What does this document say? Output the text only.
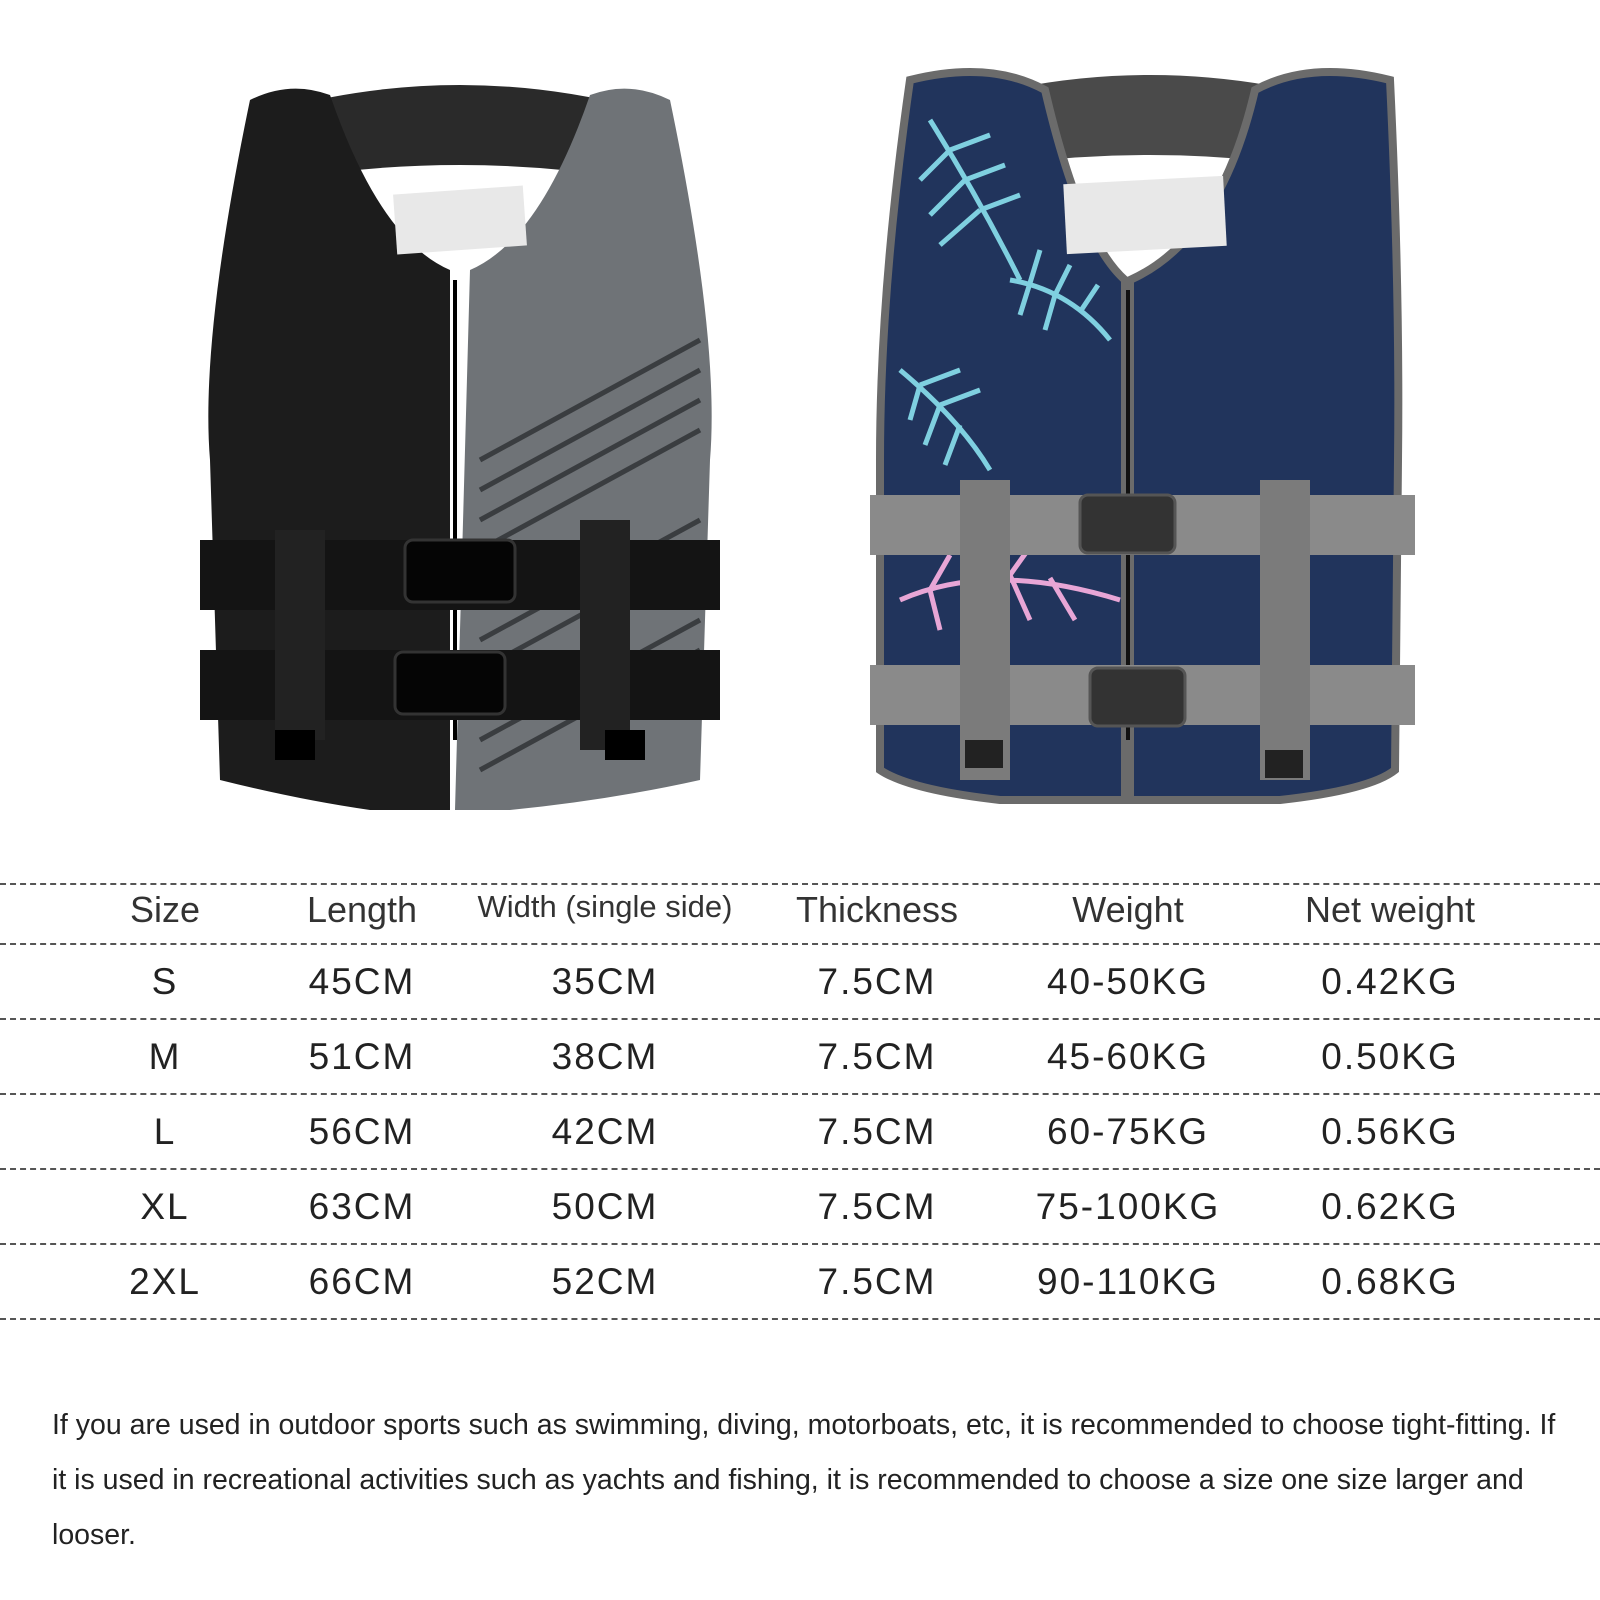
Size	Length	Width (single side)	Thickness	Weight	Net weight
S	45CM	35CM	7.5CM	40-50KG	0.42KG
M	51CM	38CM	7.5CM	45-60KG	0.50KG
L	56CM	42CM	7.5CM	60-75KG	0.56KG
XL	63CM	50CM	7.5CM	75-100KG	0.62KG
2XL	66CM	52CM	7.5CM	90-110KG	0.68KG

If you are used in outdoor sports such as swimming, diving, motorboats, etc, it is recommended to choose tight-fitting. If it is used in recreational activities such as yachts and fishing, it is recommended to choose a size one size larger and looser.
